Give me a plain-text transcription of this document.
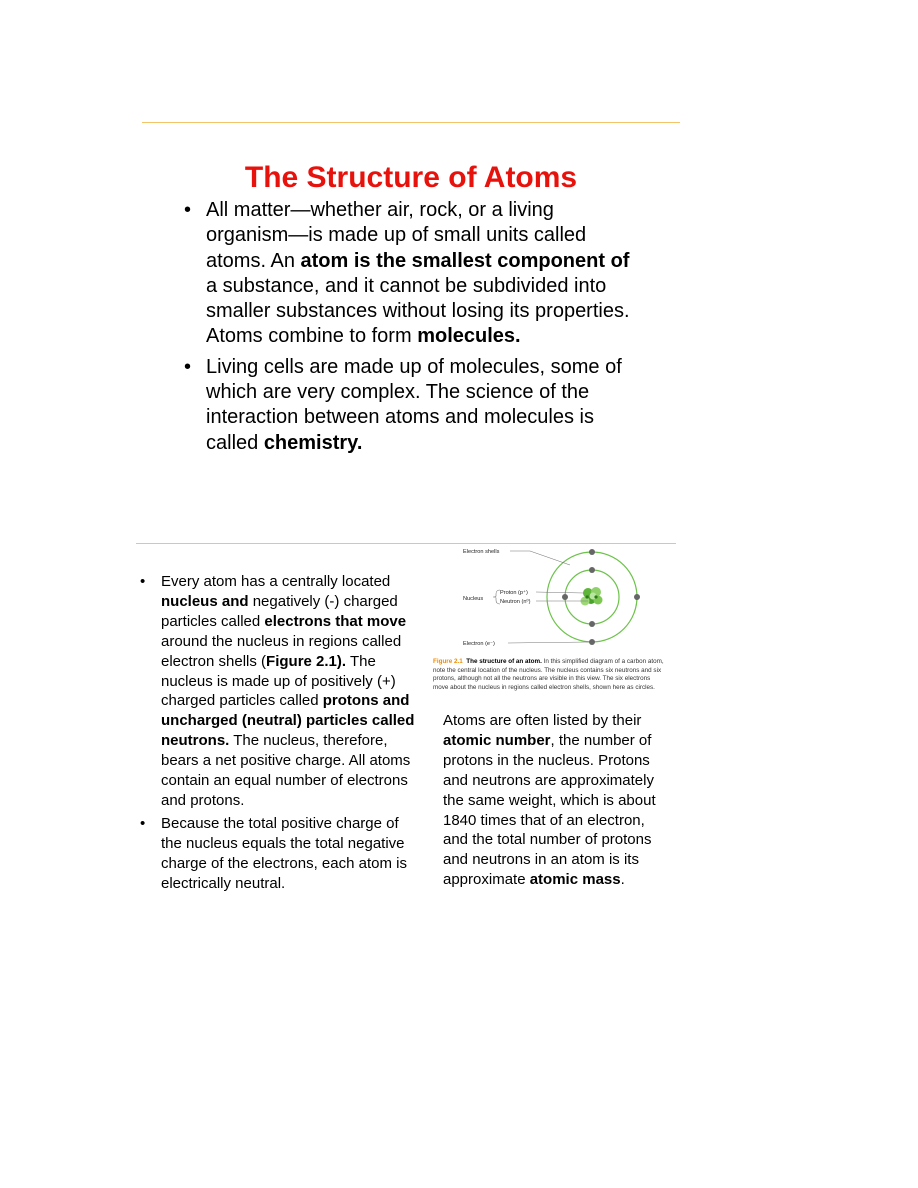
The Structure of Atoms
• All matter—whether air, rock, or a living organism—is made up of small units called atoms. An atom is the smallest component of a substance, and it cannot be subdivided into smaller substances without losing its properties. Atoms combine to form molecules.
• Living cells are made up of molecules, some of which are very complex. The science of the interaction between atoms and molecules is called chemistry.
• Every atom has a centrally located nucleus and negatively (-) charged particles called electrons that move around the nucleus in regions called electron shells (Figure 2.1). The nucleus is made up of positively (+) charged particles called protons and uncharged (neutral) particles called neutrons. The nucleus, therefore, bears a net positive charge. All atoms contain an equal number of electrons and protons.
• Because the total positive charge of the nucleus equals the total negative charge of the electrons, each atom is electrically neutral.
Electron shells
Nucleus
Proton (p⁺)
Neutron (n⁰)
Electron (e⁻)
Figure 2.1 The structure of an atom. In this simplified diagram of a carbon atom, note the central location of the nucleus. The nucleus contains six neutrons and six protons, although not all the neutrons are visible in this view. The six electrons move about the nucleus in regions called electron shells, shown here as circles.
Atoms are often listed by their atomic number, the number of protons in the nucleus. Protons and neutrons are approximately the same weight, which is about 1840 times that of an electron, and the total number of protons and neutrons in an atom is its approximate atomic mass.
